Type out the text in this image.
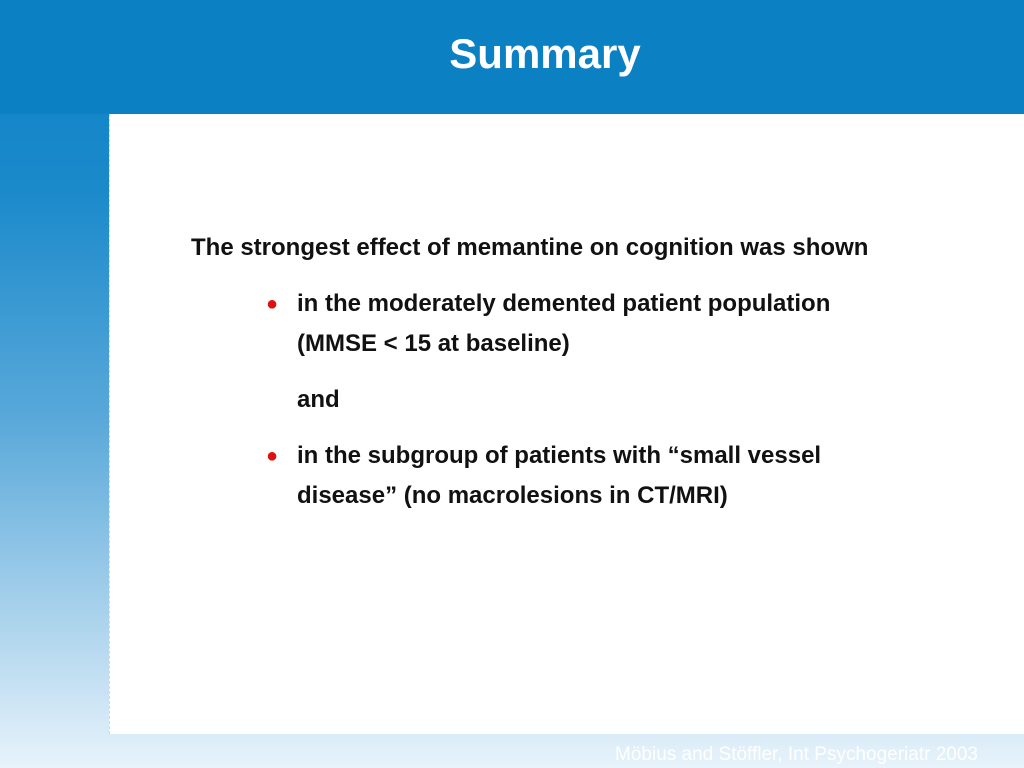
Summary

The strongest effect of memantine on cognition was shown

● in the moderately demented patient population (MMSE < 15 at baseline)

and

● in the subgroup of patients with “small vessel disease” (no macrolesions in CT/MRI)
Möbius and Stöffler, Int Psychogeriatr 2003
